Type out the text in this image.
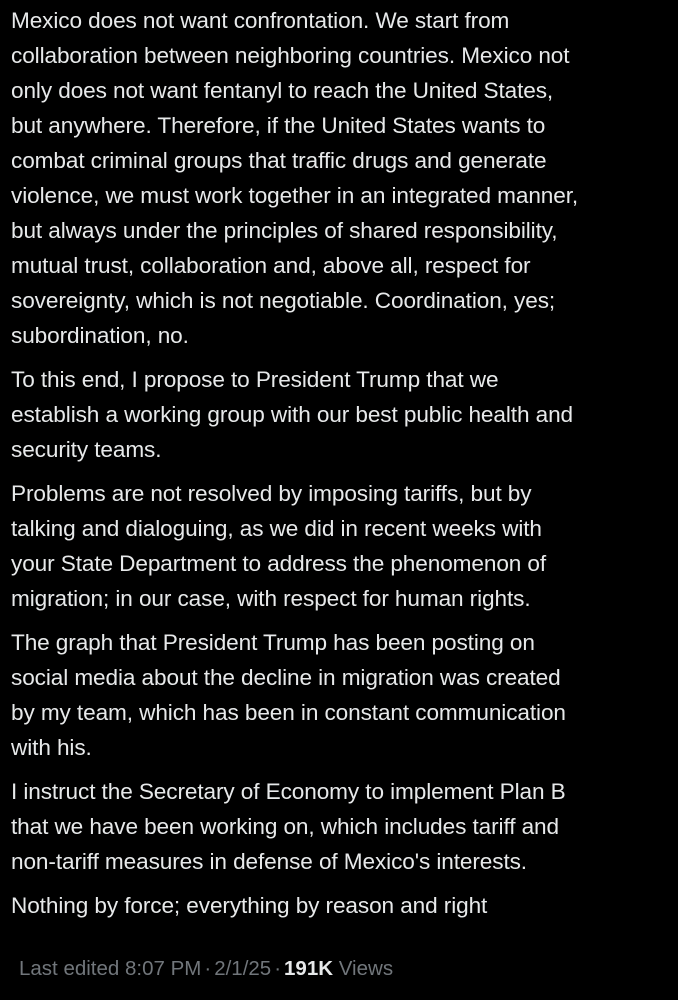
Mexico does not want confrontation. We start from
collaboration between neighboring countries. Mexico not
only does not want fentanyl to reach the United States,
but anywhere. Therefore, if the United States wants to
combat criminal groups that traffic drugs and generate
violence, we must work together in an integrated manner,
but always under the principles of shared responsibility,
mutual trust, collaboration and, above all, respect for
sovereignty, which is not negotiable. Coordination, yes;
subordination, no.

To this end, I propose to President Trump that we
establish a working group with our best public health and
security teams.

Problems are not resolved by imposing tariffs, but by
talking and dialoguing, as we did in recent weeks with
your State Department to address the phenomenon of
migration; in our case, with respect for human rights.

The graph that President Trump has been posting on
social media about the decline in migration was created
by my team, which has been in constant communication
with his.

I instruct the Secretary of Economy to implement Plan B
that we have been working on, which includes tariff and
non-tariff measures in defense of Mexico's interests.

Nothing by force; everything by reason and right

Last edited 8:07 PM · 2/1/25 · 191K Views
